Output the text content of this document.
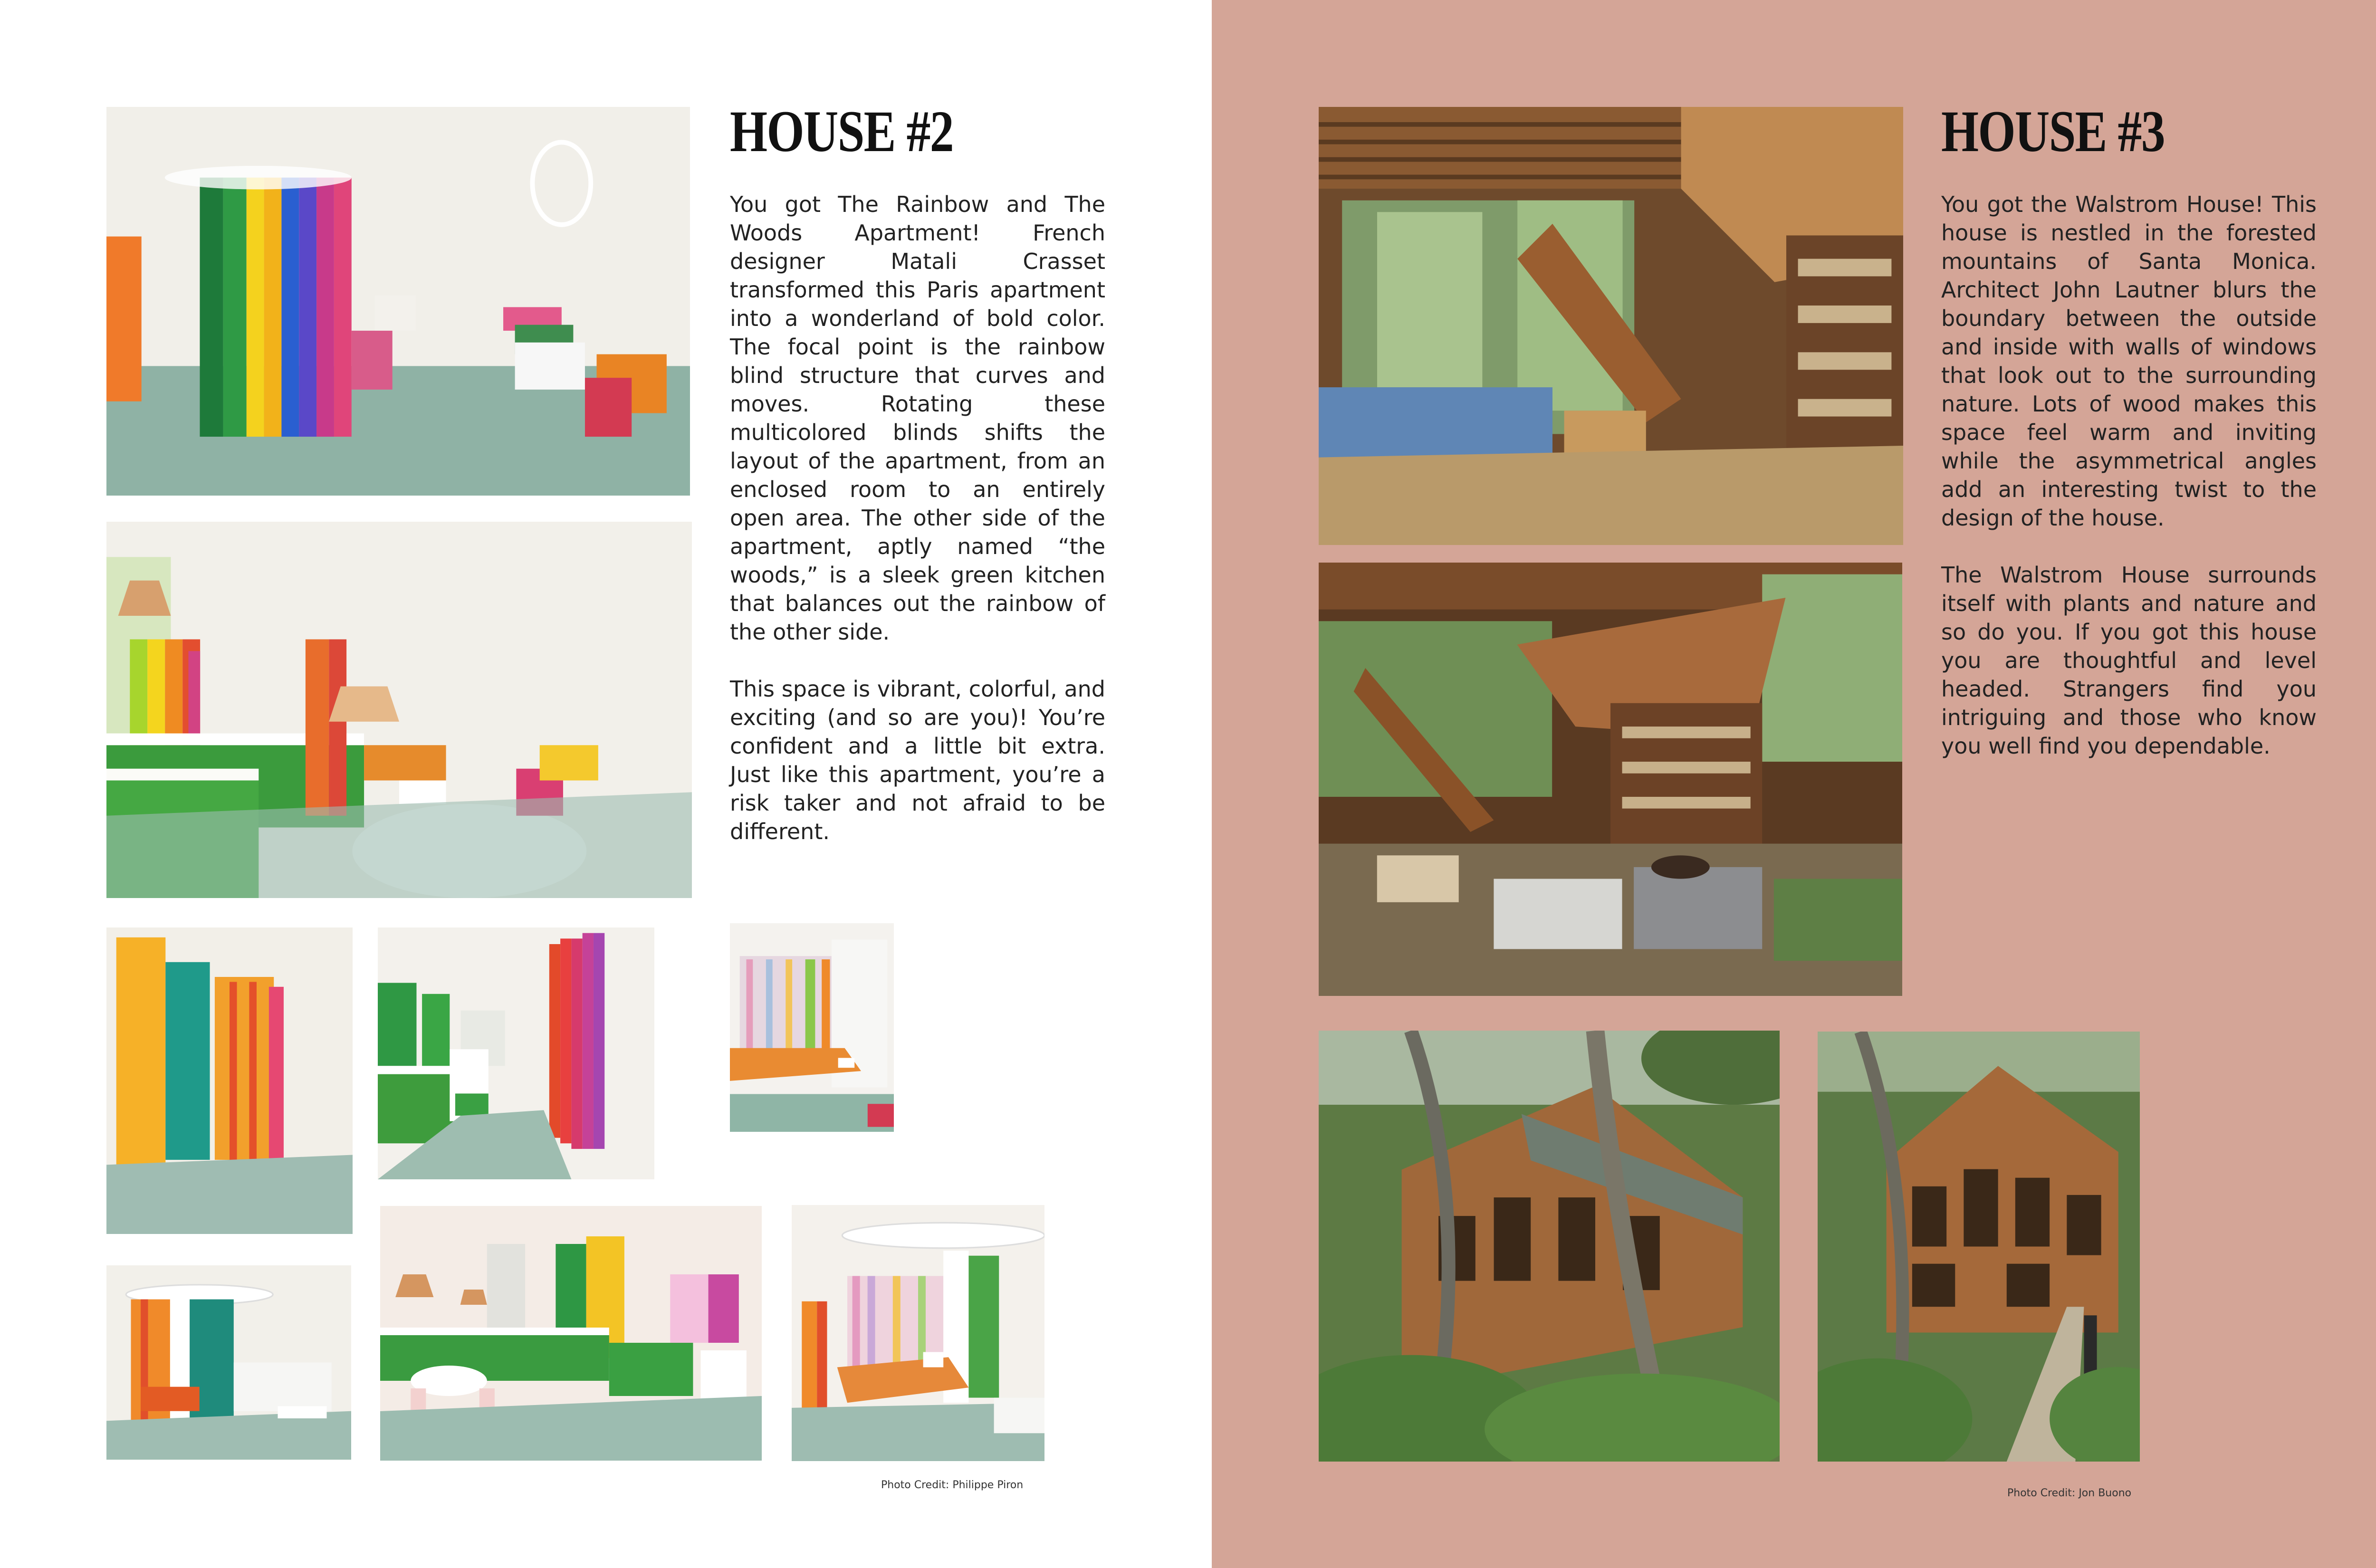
HOUSE #2

You got The Rainbow and The Woods Apartment! French designer Matali Crasset transformed this Paris apartment into a wonderland of bold color. The focal point is the rainbow blind structure that curves and moves. Rotating these multicolored blinds shifts the layout of the apartment, from an enclosed room to an entirely open area. The other side of the apartment, aptly named “the woods,” is a sleek green kitchen that balances out the rainbow of the other side.

This space is vibrant, colorful, and exciting (and so are you)! You’re confident and a little bit extra. Just like this apartment, you’re a risk taker and not afraid to be different.

Photo Credit: Philippe Piron
HOUSE #3

You got the Walstrom House! This house is nestled in the forested mountains of Santa Monica. Architect John Lautner blurs the boundary between the outside and inside with walls of windows that look out to the surrounding nature. Lots of wood makes this space feel warm and inviting while the asymmetrical angles add an interesting twist to the design of the house.

The Walstrom House surrounds itself with plants and nature and so do you. If you got this house you are thoughtful and level headed. Strangers find you intriguing and those who know you well find you dependable.

Photo Credit: Jon Buono
